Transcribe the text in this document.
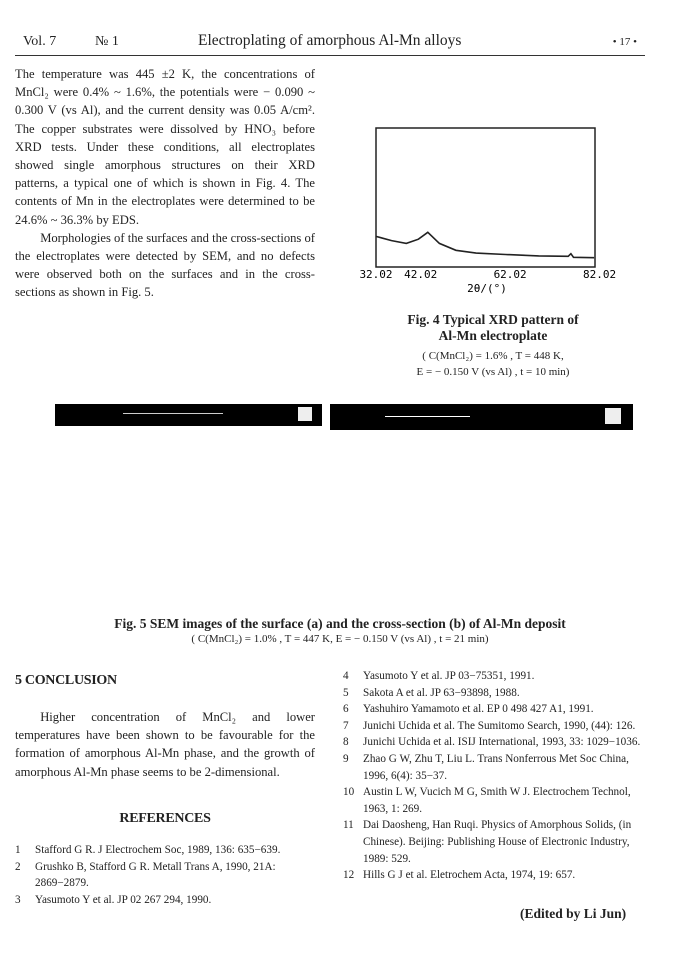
Vol. 7	№ 1	Electroplating of amorphous Al-Mn alloys	• 17 •

The temperature was 445 ±2 K, the concentrations of MnCl₂ were 0.4% ~ 1.6%, the potentials were − 0.090 ~ 0.300 V (vs Al), and the current density was 0.05 A/cm². The copper substrates were dissolved by HNO₃ before XRD tests. Under these conditions, all electroplates showed single amorphous structures on their XRD patterns, a typical one of which is shown in Fig. 4. The contents of Mn in the electroplates were determined to be 24.6% ~ 36.3% by EDS.

Morphologies of the surfaces and the cross-sections of the electroplates were detected by SEM, and no defects were observed both on the surfaces and in the cross-sections as shown in Fig. 5.

32.02 42.02	62.02	82.02
2θ/(°)
Fig. 4 Typical XRD pattern of
Al-Mn electroplate
( C(MnCl₂) = 1.6% , T = 448 K,
E = − 0.150 V (vs Al) , t = 10 min)
Fig. 5 SEM images of the surface (a) and the cross-section (b) of Al-Mn deposit
( C(MnCl₂) = 1.0% , T = 447 K, E = − 0.150 V (vs Al) , t = 21 min)
5 CONCLUSION

Higher concentration of MnCl₂ and lower temperatures have been shown to be favourable for the formation of amorphous Al-Mn phase, and the growth of amorphous Al-Mn phase seems to be 2-dimensional.

REFERENCES
1 Stafford G R. J Electrochem Soc, 1989, 136: 635−639.
2 Grushko B, Stafford G R. Metall Trans A, 1990, 21A: 2869−2879.
3 Yasumoto Y et al. JP 02 267 294, 1990.
4 Yasumoto Y et al. JP 03−75351, 1991.
5 Sakota A et al. JP 63−93898, 1988.
6 Yashuhiro Yamamoto et al. EP 0 498 427 A1, 1991.
7 Junichi Uchida et al. The Sumitomo Search, 1990, (44): 126.
8 Junichi Uchida et al. ISIJ International, 1993, 33: 1029−1036.
9 Zhao G W, Zhu T, Liu L. Trans Nonferrous Met Soc China, 1996, 6(4): 35−37.
10 Austin L W, Vucich M G, Smith W J. Electrochem Technol, 1963, 1: 269.
11 Dai Daosheng, Han Ruqi. Physics of Amorphous Solids, (in Chinese). Beijing: Publishing House of Electronic Industry, 1989: 529.
12 Hills G J et al. Eletrochem Acta, 1974, 19: 657.
(Edited by Li Jun)
